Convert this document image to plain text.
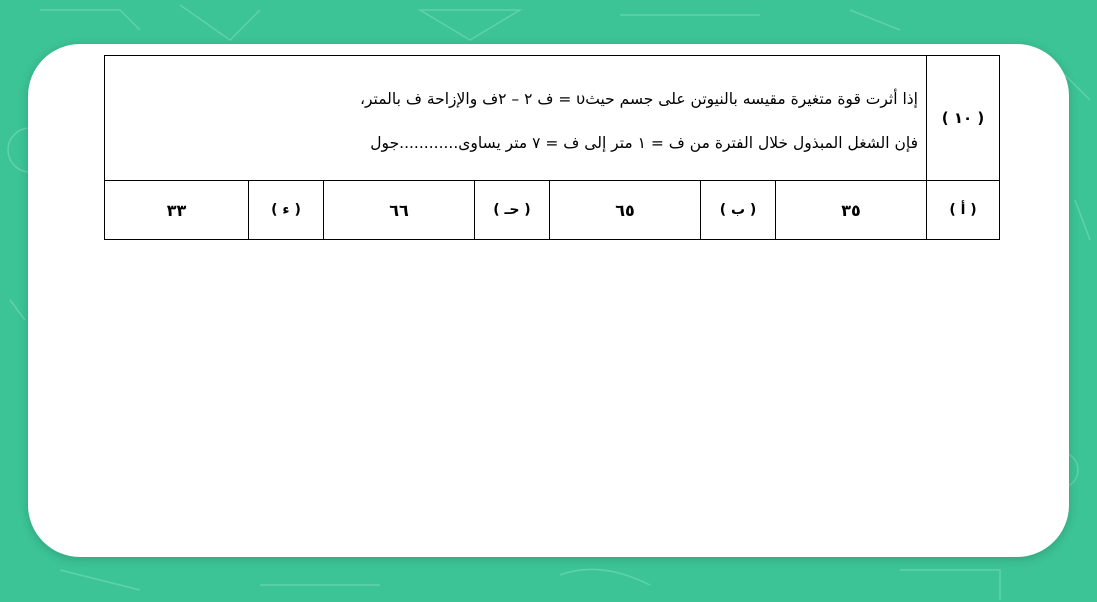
( ١٠ )	إذا أثرت قوة متغيرة مقيسه بالنيوتن على جسم حيثυ = ف ٢ – ٢ف والإزاحة ف بالمتر،
فإن الشغل المبذول خلال الفترة من ف = ١ متر إلى ف = ٧ متر يساوى............جول						

( أ )	٣٥	( ب )	٦٥	( حـ )	٦٦	( ء )	٣٣
